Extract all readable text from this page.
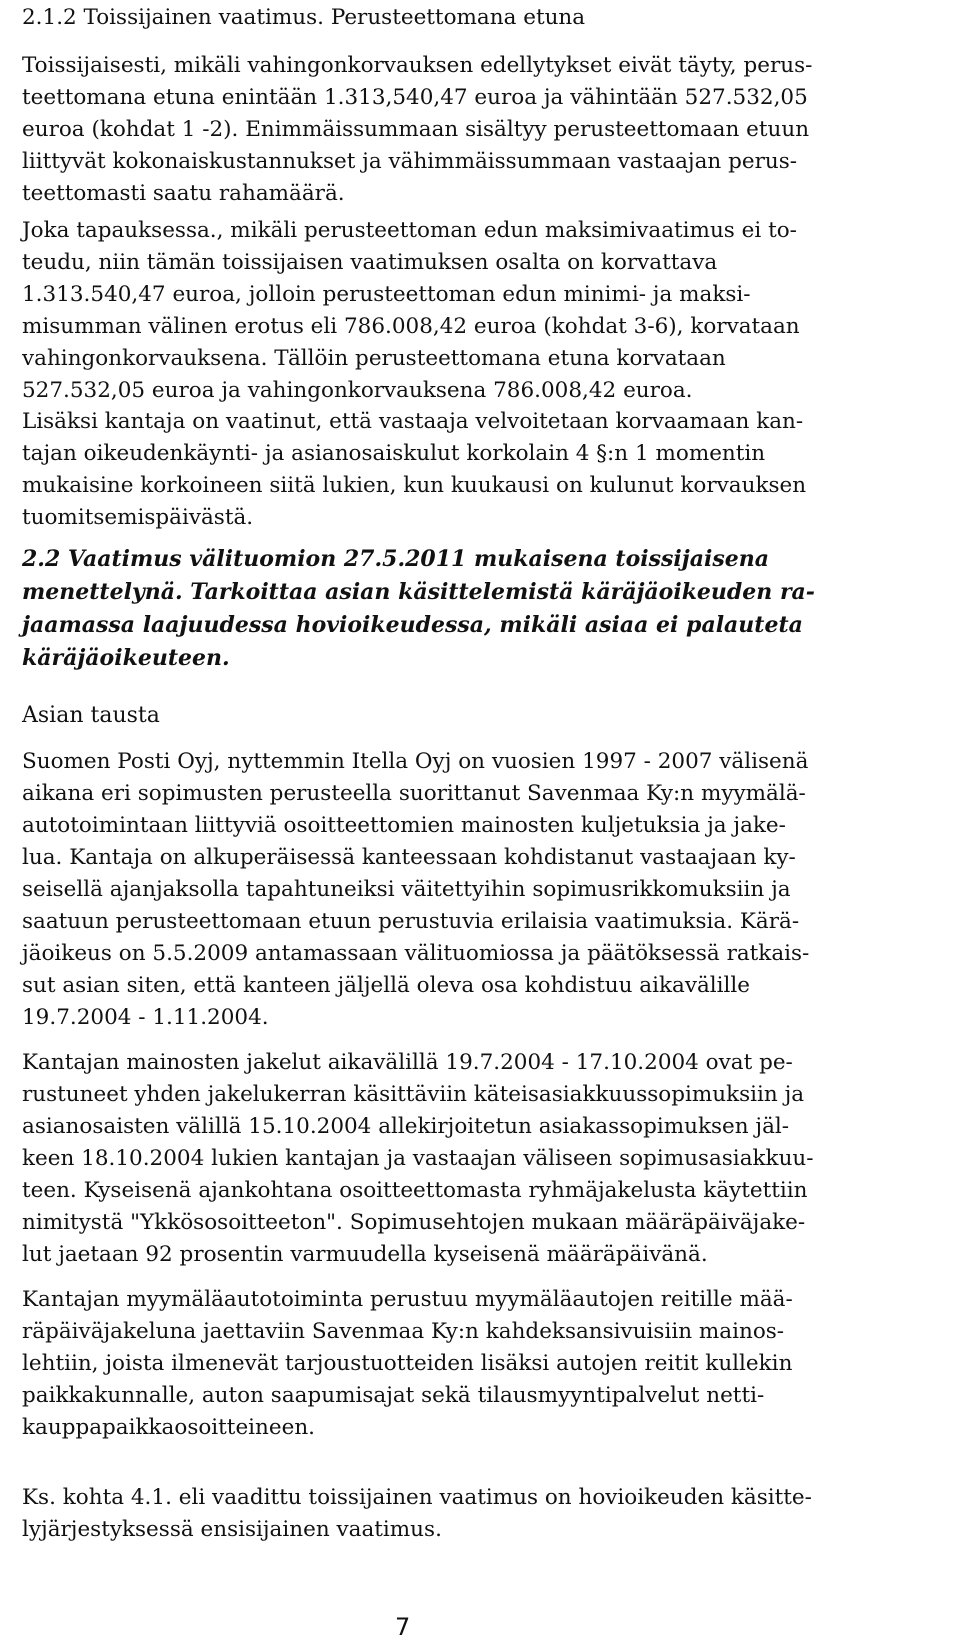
2.1.2 Toissijainen vaatimus. Perusteettomana etuna

Toissijaisesti, mikäli vahingonkorvauksen edellytykset eivät täyty, perus-
teettomana etuna enintään 1.313,540,47 euroa ja vähintään 527.532,05
euroa (kohdat 1 -2). Enimmäissummaan sisältyy perusteettomaan etuun
liittyvät kokonaiskustannukset ja vähimmäissummaan vastaajan perus-
teettomasti saatu rahamäärä.

Joka tapauksessa., mikäli perusteettoman edun maksimivaatimus ei to-
teudu, niin tämän toissijaisen vaatimuksen osalta on korvattava
1.313.540,47 euroa, jolloin perusteettoman edun minimi- ja maksi-
misumman välinen erotus eli 786.008,42 euroa (kohdat 3-6), korvataan
vahingonkorvauksena. Tällöin perusteettomana etuna korvataan
527.532,05 euroa ja vahingonkorvauksena 786.008,42 euroa.

Lisäksi kantaja on vaatinut, että vastaaja velvoitetaan korvaamaan kan-
tajan oikeudenkäynti- ja asianosaiskulut korkolain 4 §:n 1 momentin
mukaisine korkoineen siitä lukien, kun kuukausi on kulunut korvauksen
tuomitsemispäivästä.

2.2 Vaatimus välituomion 27.5.2011 mukaisena toissijaisena
menettelynä. Tarkoittaa asian käsittelemistä käräjäoikeuden ra-
jaamassa laajuudessa hovioikeudessa, mikäli asiaa ei palauteta
käräjäoikeuteen.

Asian tausta

Suomen Posti Oyj, nyttemmin Itella Oyj on vuosien 1997 - 2007 välisenä
aikana eri sopimusten perusteella suorittanut Savenmaa Ky:n myymälä-
autotoimintaan liittyviä osoitteettomien mainosten kuljetuksia ja jake-
lua. Kantaja on alkuperäisessä kanteessaan kohdistanut vastaajaan ky-
seisellä ajanjaksolla tapahtuneiksi väitettyihin sopimusrikkomuksiin ja
saatuun perusteettomaan etuun perustuvia erilaisia vaatimuksia. Kärä-
jäoikeus on 5.5.2009 antamassaan välituomiossa ja päätöksessä ratkais-
sut asian siten, että kanteen jäljellä oleva osa kohdistuu aikavälille
19.7.2004 - 1.11.2004.

Kantajan mainosten jakelut aikavälillä 19.7.2004 - 17.10.2004 ovat pe-
rustuneet yhden jakelukerran käsittäviin käteisasiakkuussopimuksiin ja
asianosaisten välillä 15.10.2004 allekirjoitetun asiakassopimuksen jäl-
keen 18.10.2004 lukien kantajan ja vastaajan väliseen sopimusasiakkuu-
teen. Kyseisenä ajankohtana osoitteettomasta ryhmäjakelusta käytettiin
nimitystä "Ykkösosoitteeton". Sopimusehtojen mukaan määräpäiväjake-
lut jaetaan 92 prosentin varmuudella kyseisenä määräpäivänä.

Kantajan myymäläautotoiminta perustuu myymäläautojen reitille mää-
räpäiväjakeluna jaettaviin Savenmaa Ky:n kahdeksansivuisiin mainos-
lehtiin, joista ilmenevät tarjoustuotteiden lisäksi autojen reitit kullekin
paikkakunnalle, auton saapumisajat sekä tilausmyyntipalvelut netti-
kauppapaikkaosoitteineen.

Ks. kohta 4.1. eli vaadittu toissijainen vaatimus on hovioikeuden käsitte-
lyjärjestyksessä ensisijainen vaatimus.

7
